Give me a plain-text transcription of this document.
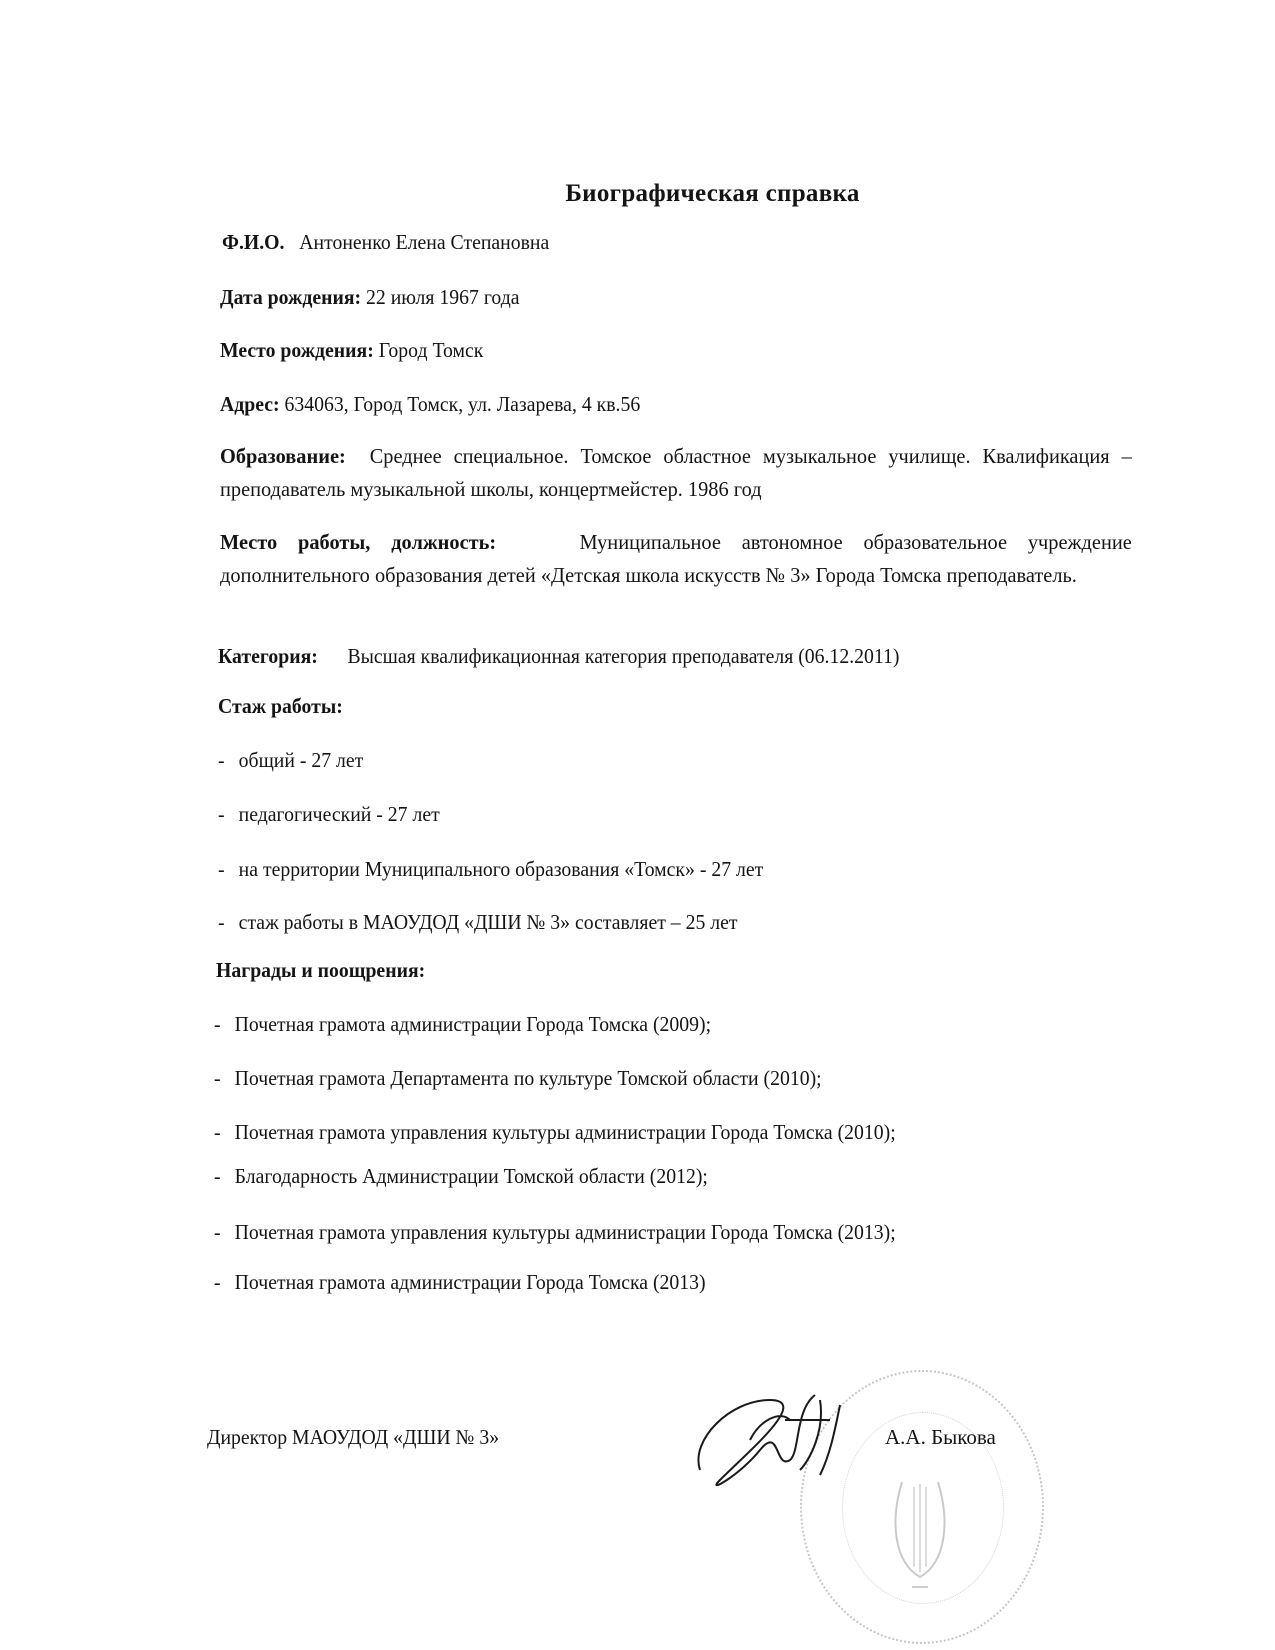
Биографическая справка
Ф.И.О. Антоненко Елена Степановна
Дата рождения: 22 июля 1967 года
Место рождения: Город Томск
Адрес: 634063, Город Томск, ул. Лазарева, 4 кв.56
Образование: Среднее специальное. Томское областное музыкальное училище. Квалификация – преподаватель музыкальной школы, концертмейстер. 1986 год
Место работы, должность:	Муниципальное автономное образовательное учреждение дополнительного образования детей «Детская школа искусств № 3» Города Томска преподаватель.
Категория: Высшая квалификационная категория преподавателя (06.12.2011)
Стаж работы:
- общий - 27 лет
- педагогический - 27 лет
- на территории Муниципального образования «Томск» - 27 лет
- стаж работы в МАОУДОД «ДШИ № 3» составляет – 25 лет
Награды и поощрения:
- Почетная грамота администрации Города Томска (2009);
- Почетная грамота Департамента по культуре Томской области (2010);
- Почетная грамота управления культуры администрации Города Томска (2010);
- Благодарность Администрации Томской области (2012);
- Почетная грамота управления культуры администрации Города Томска (2013);
- Почетная грамота администрации Города Томска (2013)
Директор МАОУДОД «ДШИ № 3»	А.А. Быкова
